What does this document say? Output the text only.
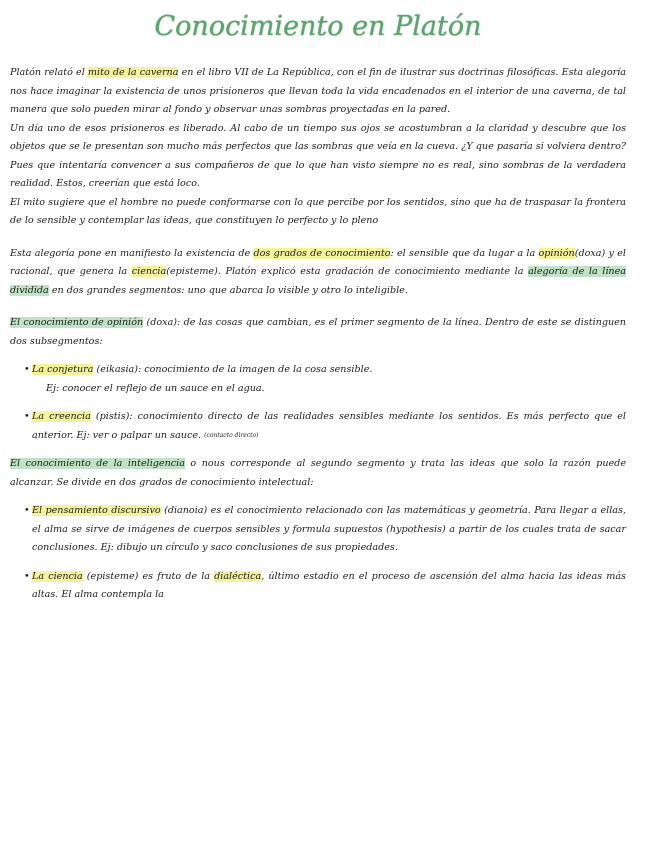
Conocimiento en Platón

Platón relató el mito de la caverna en el libro VII de La República, con el fin de ilustrar sus doctrinas filosóficas. Esta alegoría nos hace imaginar la existencia de unos prisioneros que llevan toda la vida encadenados en el interior de una caverna, de tal manera que solo pueden mirar al fondo y observar unas sombras proyectadas en la pared.

Un día uno de esos prisioneros es liberado. Al cabo de un tiempo sus ojos se acostumbran a la claridad y descubre que los objetos que se le presentan son mucho más perfectos que las sombras que veía en la cueva. ¿Y que pasaría si volviera dentro? Pues que intentaría convencer a sus compañeros de que lo que han visto siempre no es real, sino sombras de la verdadera realidad. Estos, creerían que está loco.

El mito sugiere que el hombre no puede conformarse con lo que percibe por los sentidos, sino que ha de traspasar la frontera de lo sensible y contemplar las ideas, que constituyen lo perfecto y lo pleno

Esta alegoría pone en manifiesto la existencia de dos grados de conocimiento: el sensible que da lugar a la opinión(doxa) y el racional, que genera la ciencia(episteme). Platón explicó esta gradación de conocimiento mediante la alegoría de la línea dividida en dos grandes segmentos: uno que abarca lo visible y otro lo inteligible.

El conocimiento de opinión (doxa): de las cosas que cambian, es el primer segmento de la línea. Dentro de este se distinguen dos subsegmentos:

• La conjetura (eikasia): conocimiento de la imagen de la cosa sensible.

Ej: conocer el reflejo de un sauce en el agua.

• La creencia (pistis): conocimiento directo de las realidades sensibles mediante los sentidos. Es más perfecto que el anterior. Ej: ver o palpar un sauce. $^{(contacto directo)}$

El conocimiento de la inteligencia o nous corresponde al segundo segmento y trata las ideas que solo la razón puede alcanzar. Se divide en dos grados de conocimiento intelectual:

• El pensamiento discursivo (dianoia) es el conocimiento relacionado con las matemáticas y geometría. Para llegar a ellas, el alma se sirve de imágenes de cuerpos sensibles y formula supuestos (hypothesis) a partir de los cuales trata de sacar conclusiones. Ej: dibujo un círculo y saco conclusiones de sus propiedades.

• La ciencia (episteme) es fruto de la dialéctica, último estadio en el proceso de ascensión del alma hacia las ideas más altas. El alma contempla la
